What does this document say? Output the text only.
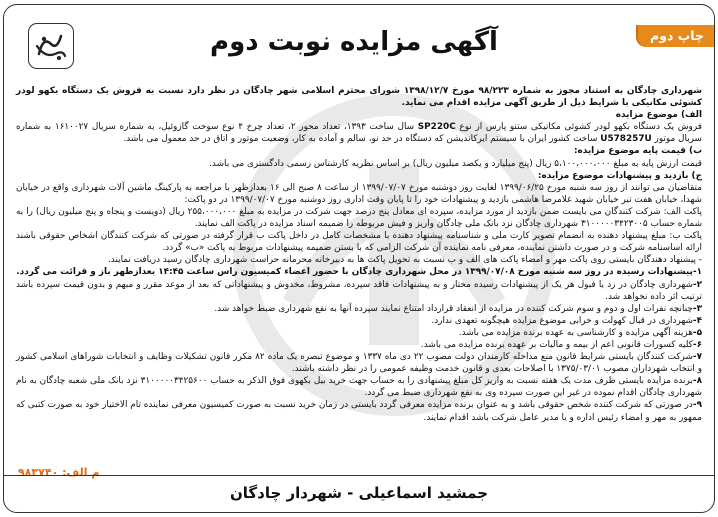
چاپ دوم
آگهی مزایده نوبت دوم

شهرداری چادگان به استناد مجوز به شماره ۹۸/۲۲۳ مورخ ۱۳۹۸/۱۲/۷ شورای محترم اسلامی شهر چادگان در نظر دارد نسبت به فروش یک دستگاه بکهو لودر کشوئی مکانیکی با شرایط ذیل از طریق آگهی مزایده اقدام می نماید.

الف) موضوع مزایده

فروش یک دستگاه بکهو لودر کشوئی مکانیکی ستنو پارس از نوع SP220C سال ساخت ۱۳۹۳، تعداد محور ۲، تعداد چرخ ۴ نوع سوخت گازوئیل، به شماره سریال ۱۶۱۰۰۲۷ به شماره سریال موتور U578257U ساخت کشور ایران با سیستم ایرکاندیشن که دستگاه در حد نو، سالم و آماده به کار، وضعیت موتور و اتاق در حد معمول می باشد.

ب) قیمت پایه موضوع مزایده:

قیمت ارزش پایه به مبلغ ۵،۱۰۰،۰۰۰،۰۰۰ ریال (پنج میلیارد و یکصد میلیون ریال) بر اساس نظریه کارشناس رسمی دادگستری می باشد.

ج) بازدید و پیشنهادات موضوع مزایده:

متقاضیان می توانند از روز سه شنبه مورخ ۱۳۹۹/۰۶/۲۵ لغایت روز دوشنبه مورخ ۱۳۹۹/۰۷/۰۷ از ساعت ۸ صبح الی ۱۶ بعدازظهر با مراجعه به پارکینگ ماشین آلات شهرداری واقع در خیابان شهدا، خیابان هفت تیر خیابان شهید غلامرضا هاشمی بازدید و پیشنهادات خود را تا پایان وقت اداری روز دوشنبه مورخ ۱۳۹۹/۰۷/۰۷ در دو پاکت:

پاکت الف: شرکت کنندگان می بایست ضمن بازدید از مورد مزایده، سپرده ای معادل پنج درصد جهت شرکت در مزایده به مبلغ ۲۵۵،۰۰۰،۰۰۰ ریال (دویست و پنجاه و پنج میلیون ریال) را به شماره حساب ۳۱۰۰۰۰۰۳۴۲۳۰۰۵ شهرداری چادگان نزد بانک ملی چادگان واریز و فیش مربوطه را ضمیمه اسناد مزایده در پاکت الف نمایند.

پاکت ب: مبلغ پیشنهاد دهنده به انضمام تصویر کارت ملی و شناسنامه پیشنهاد دهنده با مشخصات کامل در داخل پاکت ب قرار گرفته در صورتی که شرکت کنندگان اشخاص حقوقی باشند ارائه اساسنامه شرکت و در صورت داشتن نماینده، معرفی نامه نماینده آن شرکت الزامی که با بستن ضمیمه پیشنهادات مربوط به پاکت «ب» گردد.

- پیشنهاد دهندگان بایستی روی پاکت مهر و امضاء پاکت های الف و ب نسبت به تحویل پاکت ها به دبیرخانه محرمانه حراست شهرداری چادگان رسید دریافت نمایند.

۱-پیشنهادات رسیده در روز سه شنبه مورخ ۱۳۹۹/۰۷/۰۸ در محل شهرداری چادگان با حضور اعضاء کمیسیون راس ساعت ۱۴:۴۵ بعدازظهر باز و قرائت می گردد.

۲-شهرداری چادگان در رد یا قبول هر یک از پیشنهادات رسیده مختار و به پیشنهادات فاقد سپرده، مشروط، مخدوش و پیشنهاداتی که بعد از موعد مقرر و مبهم و بدون قیمت سپرده باشد ترتیب اثر داده نخواهد شد.

۳-چنانچه نفرات اول و دوم و سوم شرکت کننده در مزایده از انعقاد قرارداد امتناع نمایند سپرده آنها به نفع شهرداری ضبط خواهد شد.

۴-شهرداری در قبال کهولت و خرابی موضوع مزایده هیچگونه تعهدی ندارد.

۵-هزینه آگهی مزایده و کارشناسی به عهده برنده مزایده می باشد.

۶-کلیه کسورات قانونی اعم از بیمه و مالیات بر عهده برنده مزایده می باشد.

۷-شرکت کنندگان بایستی شرایط قانون منع مداخله کارمندان دولت مصوب ۲۲ دی ماه ۱۳۳۷ و موضوع تبصره یک ماده ۸۲ مکرر قانون تشکیلات وظایف و انتخابات شوراهای اسلامی کشور و انتخاب شهرداران مصوب ۱۳۷۵/۰۳/۰۱ با اصلاحات بعدی و قانون خدمت وظیفه عمومی را در نظر داشته باشند.

۸-برنده مزایده بایستی ظرف مدت یک هفته نسبت به واریز کل مبلغ پیشنهادی را به حساب جهت خرید بیل بکهوی فوق الذکر به حساب ۳۱۰۰۰۰۰۳۴۲۵۶۰۰ نزد بانک ملی شعبه چادگان به نام شهرداری چادگان اقدام نموده در غیر این صورت سپرده وی به نفع شهرداری ضبط می گردد.

۹-در صورتی که شرکت کننده شخص حقوقی باشد و به عنوان برنده مزایده معرفی گردد بایستی در زمان خرید نسبت به صورت کمیسیون معرفی نماینده تام الاختیار خود به صورت کتبی که ممهور به مهر و امضاء رئیس اداره و یا مدیر عامل شرکت باشد اقدام نمایند.

م الف: ۹۸۳۷۴۰
جمشید اسماعیلی - شهردار چادگان
